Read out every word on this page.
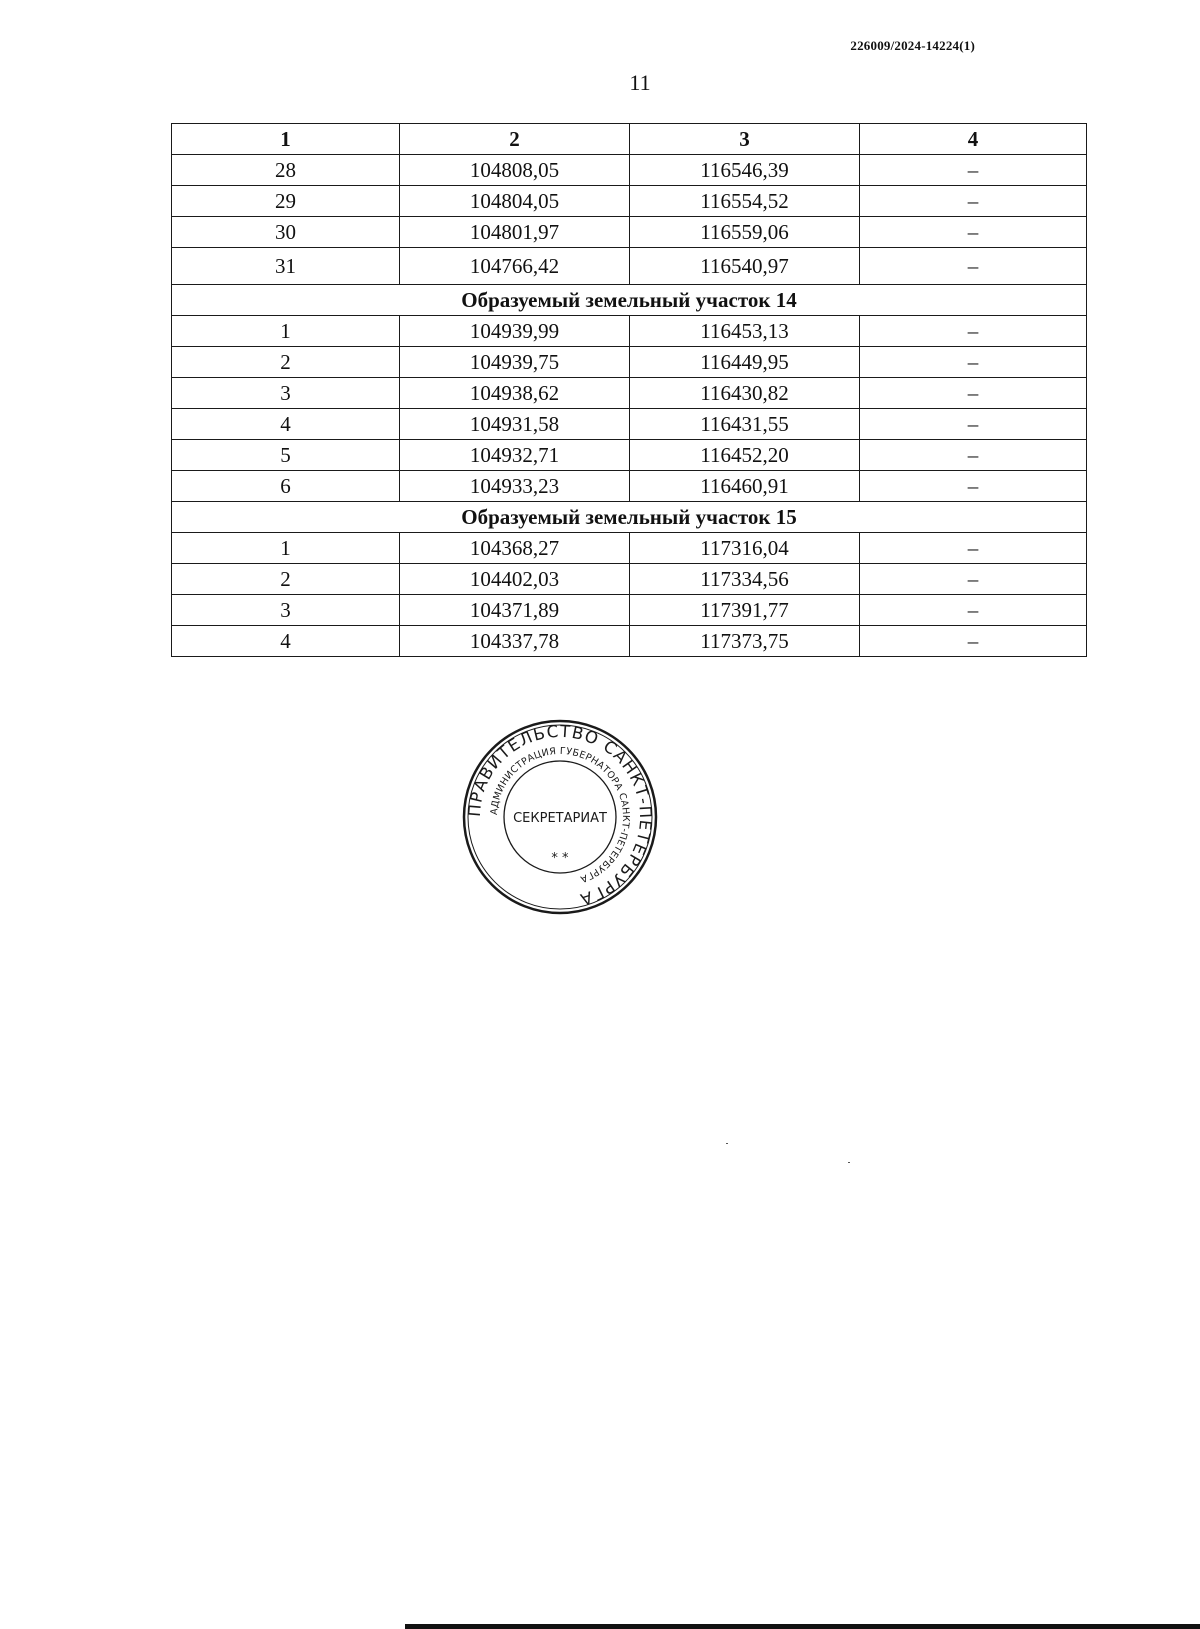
226009/2024-14224(1)
11
1	2	3	4
28	104808,05	116546,39	–
29	104804,05	116554,52	–
30	104801,97	116559,06	–
31	104766,42	116540,97	–
Образуемый земельный участок 14			
1	104939,99	116453,13	–
2	104939,75	116449,95	–
3	104938,62	116430,82	–
4	104931,58	116431,55	–
5	104932,71	116452,20	–
6	104933,23	116460,91	–
Образуемый земельный участок 15			
1	104368,27	117316,04	–
2	104402,03	117334,56	–
3	104371,89	117391,77	–
4	104337,78	117373,75	–
ПРАВИТЕЛЬСТВО САНКТ-ПЕТЕРБУРГА
АДМИНИСТРАЦИЯ ГУБЕРНАТОРА САНКТ-ПЕТЕРБУРГА
СЕКРЕТАРИАТ
* *
